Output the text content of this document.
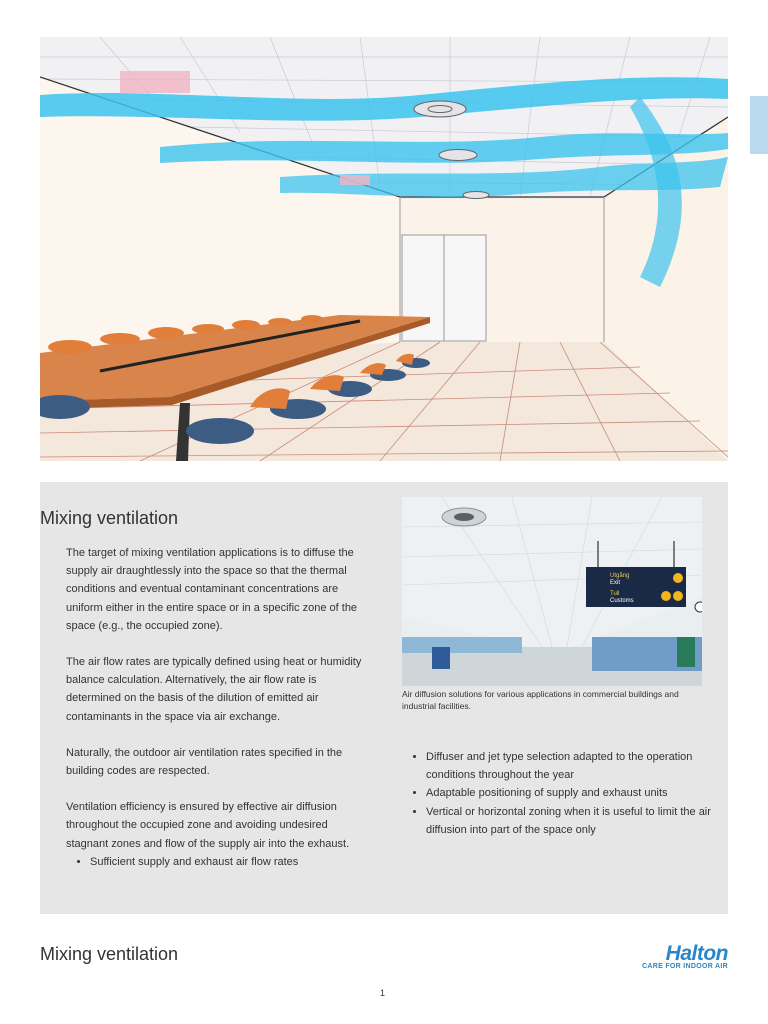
Mixing ventilation

The target of mixing ventilation applications is to diffuse the supply air draughtlessly into the space so that the thermal conditions and eventual contaminant concentrations are uniform either in the entire space or in a specific zone of the space (e.g., the occupied zone).

The air flow rates are typically defined using heat or humidity balance calculation. Alternatively, the air flow rate is determined on the basis of the dilution of emitted air contaminants in the space via air exchange.

Naturally, the outdoor air ventilation rates specified in the building codes are respected.

Ventilation efficiency is ensured by effective air diffusion throughout the occupied zone and avoiding undesired stagnant zones and flow of the supply air into the exhaust.

• Sufficient supply and exhaust air flow rates
Utgång
Exit
Tull
Customs
Air diffusion solutions for various applications in commercial buildings and industrial facilities.
• Diffuser and jet type selection adapted to the operation conditions throughout the year
• Adaptable positioning of supply and exhaust units
• Vertical or horizontal zoning when it is useful to limit the air diffusion into part of the space only
Mixing ventilation	Halton
CARE FOR INDOOR AIR
1
